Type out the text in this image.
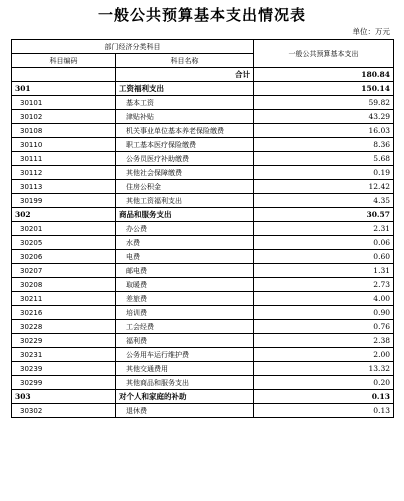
一般公共预算基本支出情况表
单位：万元
部门经济分类科目		一般公共预算基本支出
科目编码	科目名称	
	合计	180.84
301	工资福利支出	150.14
30101	基本工资	59.82
30102	津贴补贴	43.29
30108	机关事业单位基本养老保险缴费	16.03
30110	职工基本医疗保险缴费	8.36
30111	公务员医疗补助缴费	5.68
30112	其他社会保障缴费	0.19
30113	住房公积金	12.42
30199	其他工资福利支出	4.35
302	商品和服务支出	30.57
30201	办公费	2.31
30205	水费	0.06
30206	电费	0.60
30207	邮电费	1.31
30208	取暖费	2.73
30211	差旅费	4.00
30216	培训费	0.90
30228	工会经费	0.76
30229	福利费	2.38
30231	公务用车运行维护费	2.00
30239	其他交通费用	13.32
30299	其他商品和服务支出	0.20
303	对个人和家庭的补助	0.13
30302	退休费	0.13
